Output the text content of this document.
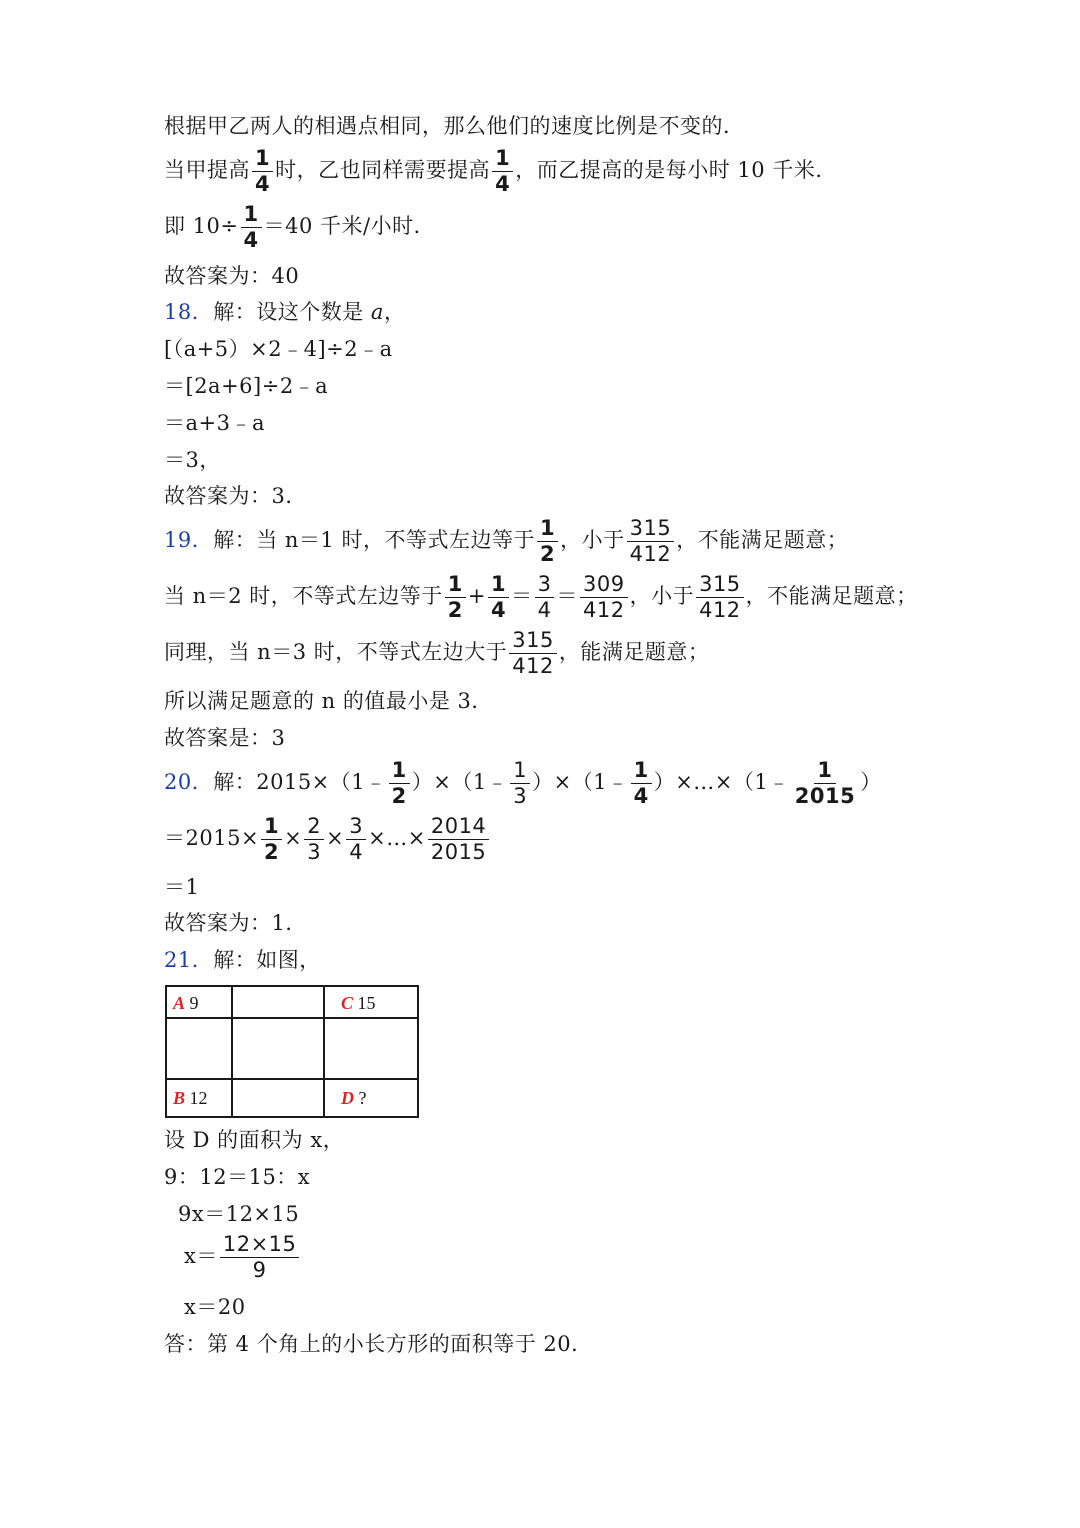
根据甲乙两人的相遇点相同，那么他们的速度比例是不变的．
当甲提高 $\frac{1}{4}$ 时，乙也同样需要提高 $\frac{1}{4}$ ，而乙提高的是每小时 10 千米．
即 $10\div \frac{1}{4} =40$ 千米/小时．
故答案为：40
18．解：设这个数是 a，
[（a+5）×2﹣4]÷2﹣a
＝[2a+6]÷2﹣a
＝a+3﹣a
＝3，
故答案为：3．
19．解：当 n＝1 时，不等式左边等于 $\frac{1}{2}$ ，小于 $\frac{315}{412}$ ，不能满足题意；
当 n＝2 时，不等式左边等于 $\frac{1}{2} + \frac{1}{4} = \frac{3}{4} = \frac{309}{412}$ ，小于 $\frac{315}{412}$ ，不能满足题意；
同理，当 n＝3 时，不等式左边大于 $\frac{315}{412}$ ，能满足题意；
所以满足题意的 n 的值最小是 3．
故答案是：3
20．解：2015×（1﹣ $\frac{1}{2}$ ）×（1﹣ $\frac{1}{3}$ ）×（1﹣ $\frac{1}{4}$ ）×…×（1﹣ $\frac{1}{2015}$ ）
$=2015\times \frac{1}{2} \times \frac{2}{3} \times \frac{3}{4}$ ×…× $\frac{2014}{2015}$
＝1
故答案为：1．
21．解：如图，
A 9	C 15
B 12	D ?
设 D 的面积为 x，
9：12＝15：x
9x＝12×15
$x= \frac{12\times 15}{9}$
x＝20
答：第 4 个角上的小长方形的面积等于 20．
